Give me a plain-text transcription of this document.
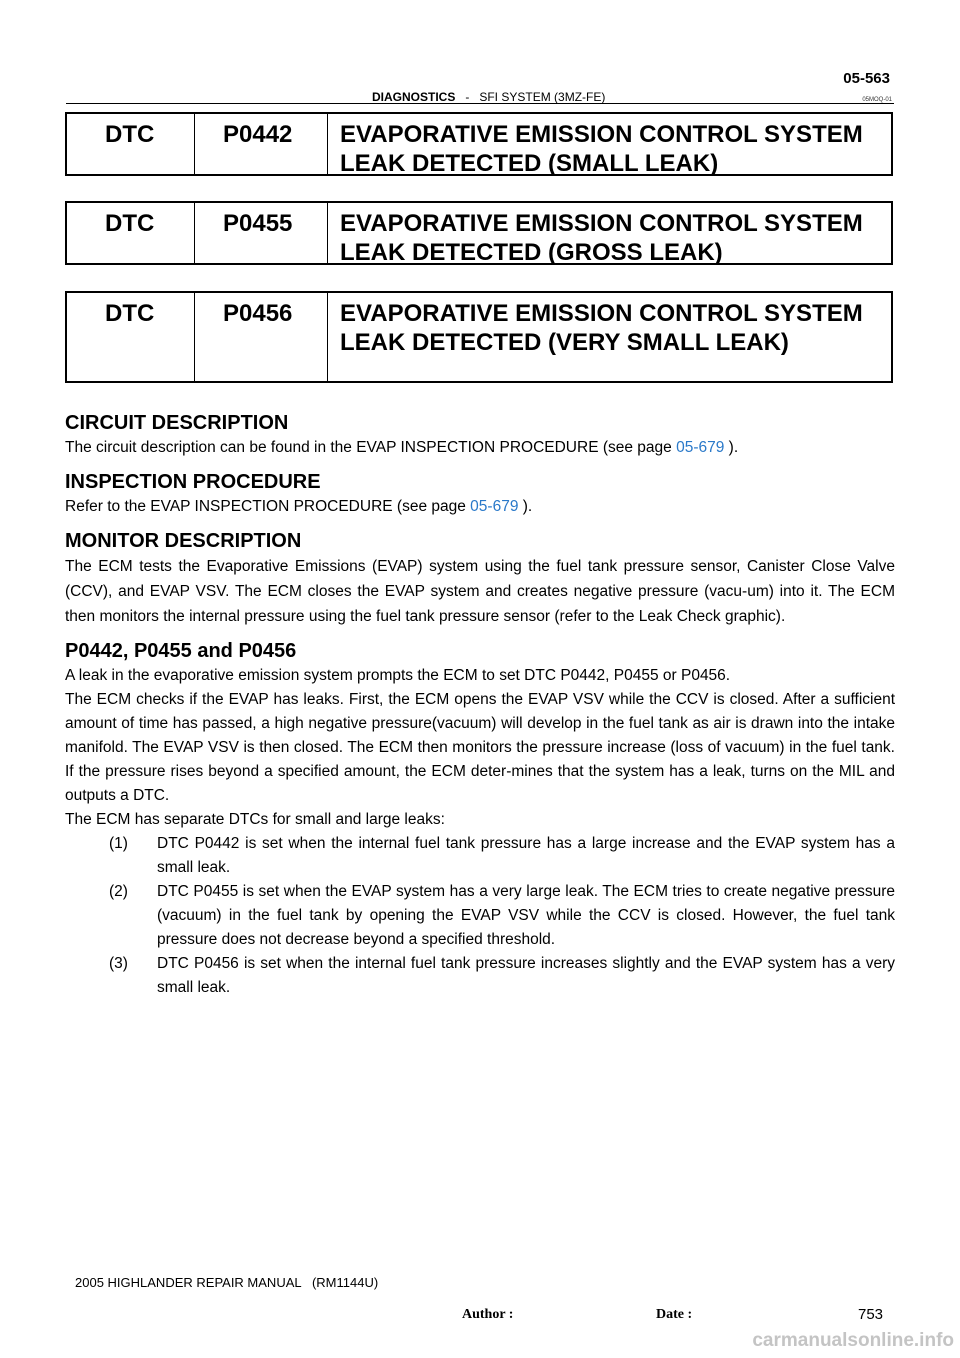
05-563
DIAGNOSTICS - SFI SYSTEM (3MZ-FE)	05MOQ-01
DTC	P0442	EVAPORATIVE EMISSION CONTROL SYSTEM LEAK DETECTED (SMALL LEAK)
DTC	P0455	EVAPORATIVE EMISSION CONTROL SYSTEM LEAK DETECTED (GROSS LEAK)
DTC	P0456	EVAPORATIVE EMISSION CONTROL SYSTEM LEAK DETECTED (VERY SMALL LEAK)
CIRCUIT DESCRIPTION

The circuit description can be found in the EVAP INSPECTION PROCEDURE (see page 05-679 ).

INSPECTION PROCEDURE

Refer to the EVAP INSPECTION PROCEDURE (see page 05-679 ).

MONITOR DESCRIPTION

The ECM tests the Evaporative Emissions (EVAP) system using the fuel tank pressure sensor, Canister Close Valve (CCV), and EVAP VSV. The ECM closes the EVAP system and creates negative pressure (vacu-um) into it. The ECM then monitors the internal pressure using the fuel tank pressure sensor (refer to the Leak Check graphic).

P0442, P0455 and P0456

A leak in the evaporative emission system prompts the ECM to set DTC P0442, P0455 or P0456.

The ECM checks if the EVAP has leaks. First, the ECM opens the EVAP VSV while the CCV is closed. After a sufficient amount of time has passed, a high negative pressure(vacuum) will develop in the fuel tank as air is drawn into the intake manifold. The EVAP VSV is then closed. The ECM then monitors the pressure increase (loss of vacuum) in the fuel tank. If the pressure rises beyond a specified amount, the ECM deter-mines that the system has a leak, turns on the MIL and outputs a DTC.

The ECM has separate DTCs for small and large leaks:

(1)	DTC P0442 is set when the internal fuel tank pressure has a large increase and the EVAP system has a small leak.
(2)	DTC P0455 is set when the EVAP system has a very large leak. The ECM tries to create negative pressure (vacuum) in the fuel tank by opening the EVAP VSV while the CCV is closed. However, the fuel tank pressure does not decrease beyond a specified threshold.
(3)	DTC P0456 is set when the internal fuel tank pressure increases slightly and the EVAP system has a very small leak.
2005 HIGHLANDER REPAIR MANUAL   (RM1144U)
Author :	Date :	753
carmanualsonline.info
